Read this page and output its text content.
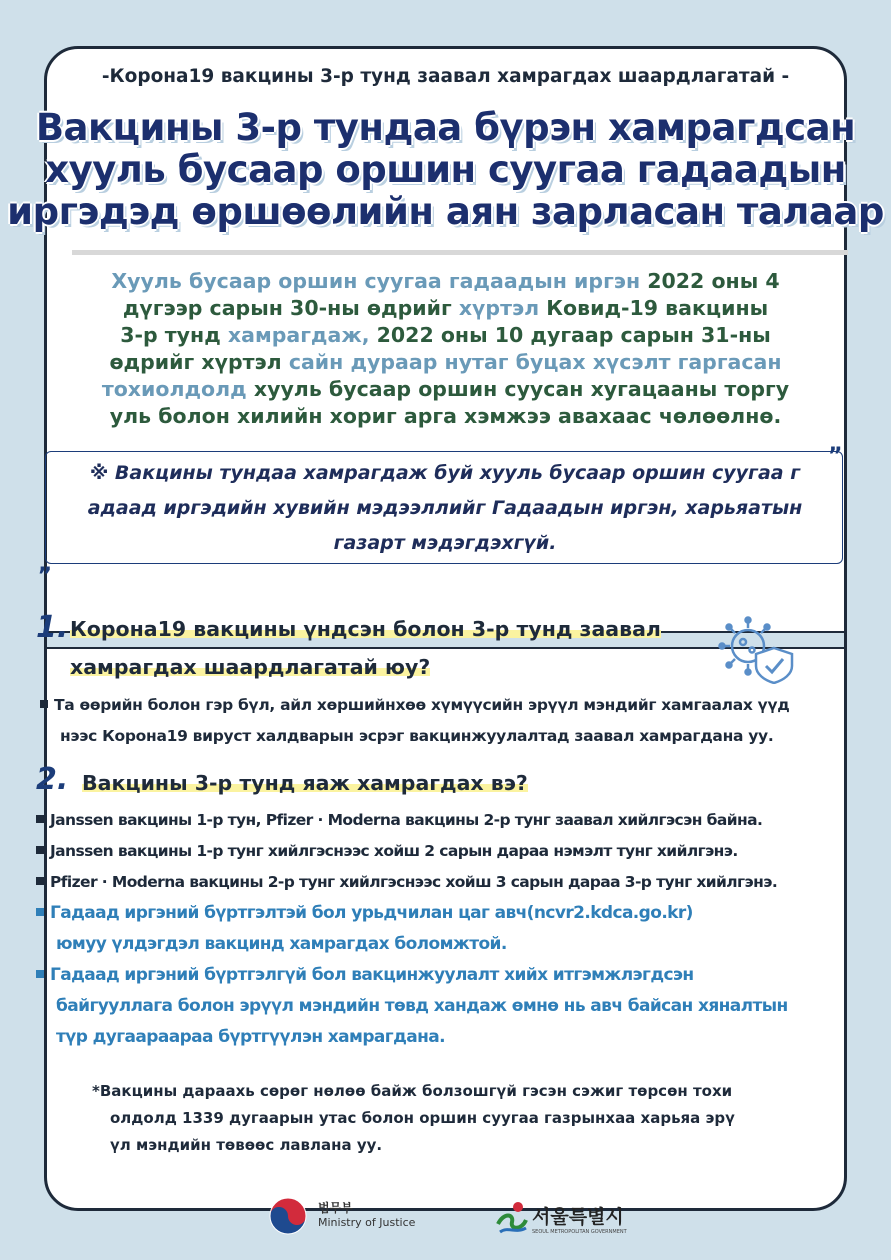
-Корона19 вакцины 3-р тунд заавал хамрагдах шаардлагатай -
Вакцины 3-р тундаа бүрэн хамрагдсан
хууль бусаар оршин суугаа гадаадын
иргэдэд өршөөлийн аян зарласан талаар
Хууль бусаар оршин суугаа гадаадын иргэн 2022 оны 4
дүгээр сарын 30-ны өдрийг хүртэл Ковид-19 вакцины
3-р тунд хамрагдаж, 2022 оны 10 дугаар сарын 31-ны
өдрийг хүртэл сайн дураар нутаг буцах хүсэлт гаргасан
тохиолдолд хууль бусаар оршин суусан хугацааны торгу
уль болон хилийн хориг арга хэмжээ авахаас чөлөөлнө.
”
„
※ Вакцины тундаа хамрагдаж буй хууль бусаар оршин суугаа г
адаад иргэдийн хувийн мэдээллийг Гадаадын иргэн, харьяатын
газарт мэдэгдэхгүй.
1. Корона19 вакцины үндсэн болон 3-р тунд заавал
хамрагдах шаардлагатай юу?
Та өөрийн болон гэр бүл, айл хөршийнхөө хүмүүсийн эрүүл мэндийг хамгаалах үүд
нээс Корона19 вируст халдварын эсрэг вакцинжуулалтад заавал хамрагдана уу.
2. Вакцины 3-р тунд яаж хамрагдах вэ?
Janssen вакцины 1-р тун, Pfizer · Moderna вакцины 2-р тунг заавал хийлгэсэн байна.
Janssen вакцины 1-р тунг хийлгэснээс хойш 2 сарын дараа нэмэлт тунг хийлгэнэ.
Pfizer · Moderna вакцины 2-р тунг хийлгэснээс хойш 3 сарын дараа 3-р тунг хийлгэнэ.
Гадаад иргэний бүртгэлтэй бол урьдчилан цаг авч(ncvr2.kdca.go.kr)
юмуу үлдэгдэл вакцинд хамрагдах боломжтой.
Гадаад иргэний бүртгэлгүй бол вакцинжуулалт хийх итгэмжлэгдсэн
байгууллага болон эрүүл мэндийн төвд хандаж өмнө нь авч байсан хяналтын
түр дугаараараа бүртгүүлэн хамрагдана.
*Вакцины дараахь сөрөг нөлөө байж болзошгүй гэсэн сэжиг төрсөн тохи
олдолд 1339 дугаарын утас болон оршин суугаа газрынхаа харьяа эрү
үл мэндийн төвөөс лавлана уу.
법무부
Ministry of Justice	서울특별시
SEOUL METROPOLITAN GOVERNMENT
